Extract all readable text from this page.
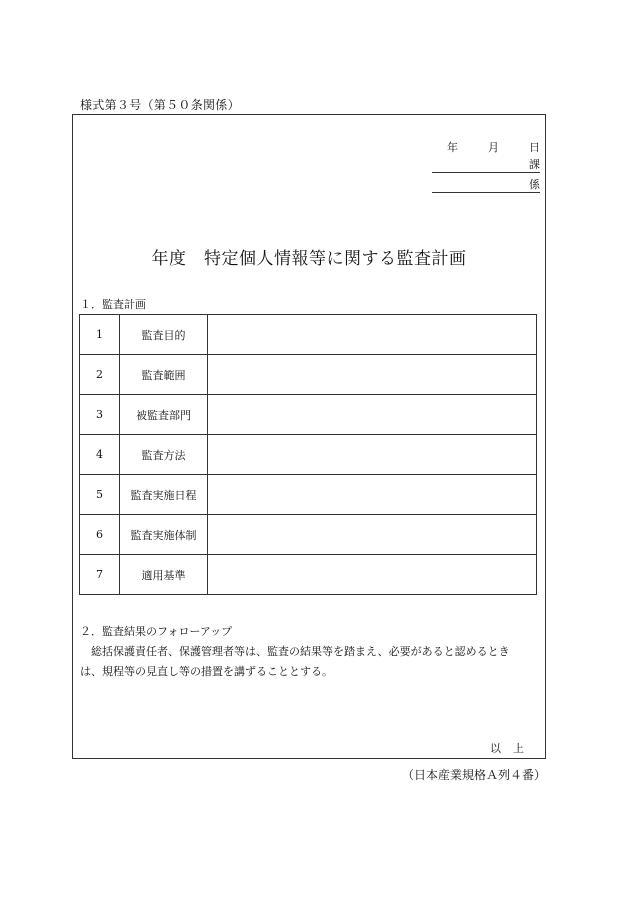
様式第３号（第５０条関係）
年	月	日
課
係
年度　特定個人情報等に関する監査計画
１．監査計画
1	監査目的	
2	監査範囲	
3	被監査部門	
4	監査方法	
5	監査実施日程	
6	監査実施体制	
7	適用基準	
２．監査結果のフォローアップ
総括保護責任者、保護管理者等は、監査の結果等を踏まえ、必要があると認めるとき
は、規程等の見直し等の措置を講ずることとする。
以上
（日本産業規格Ａ列４番）
